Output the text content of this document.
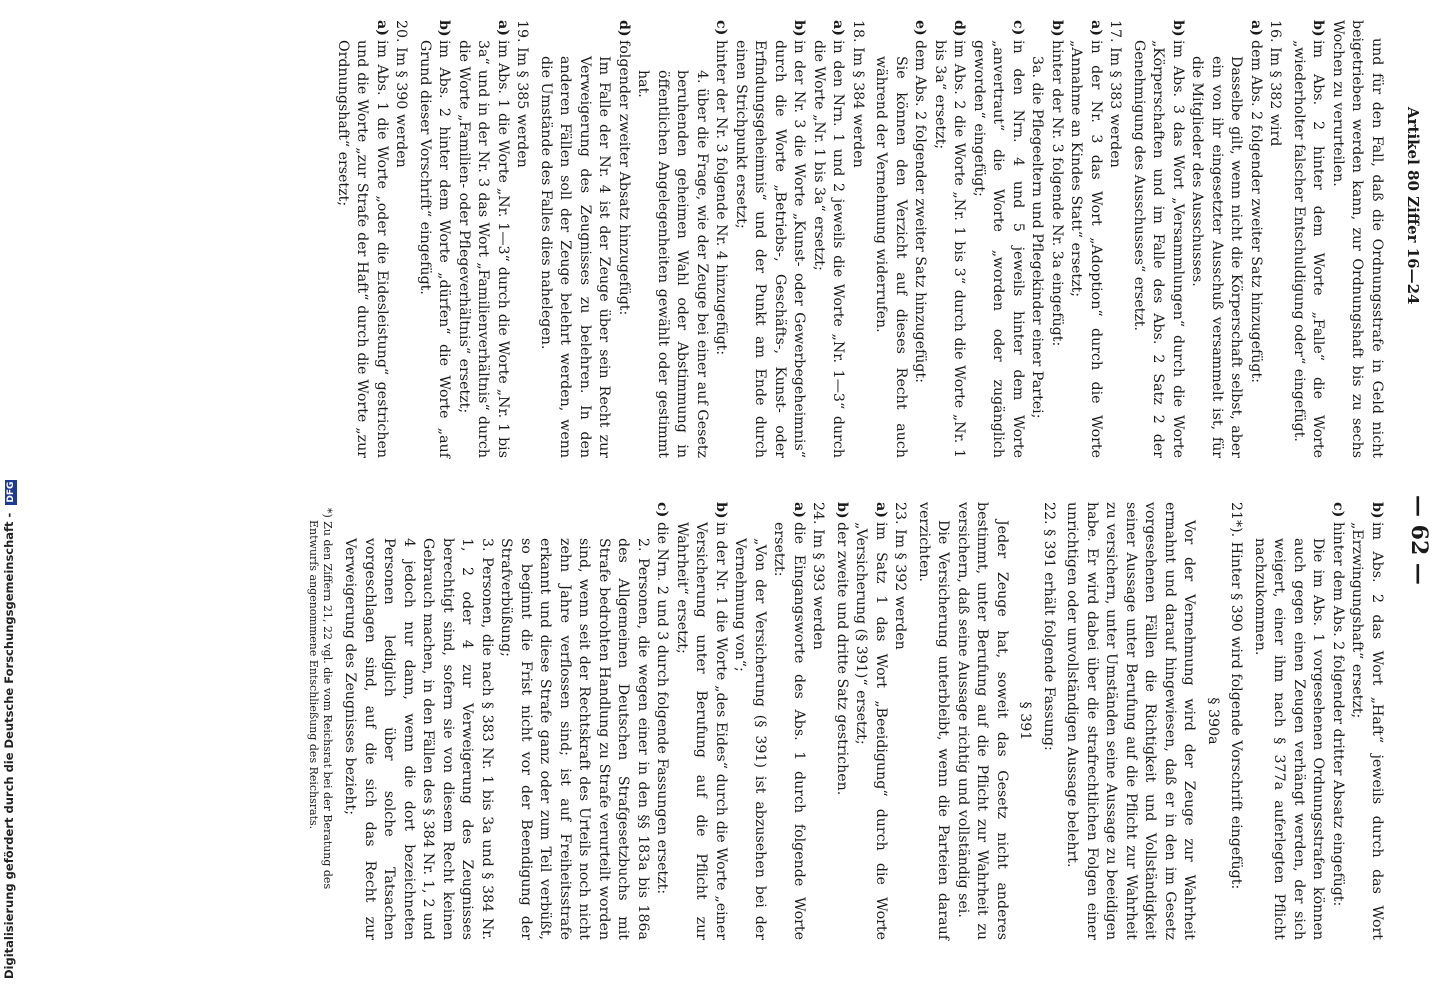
Artikel 80 Ziffer 16—24
— 62 —
und für den Fall, daß die Ordnungsstrafe in Geld nicht beigetrieben werden kann, zur Ordnungshaft bis zu sechs Wochen zu verurteilen.
b)
im Abs. 2 hinter dem Worte „Falle“ die Worte „wiederholter falscher Entschuldigung oder“ eingefügt.
16. Im § 382 wird
a)
dem Abs. 2 folgender zweiter Satz hinzugefügt:
Dasselbe gilt, wenn nicht die Körperschaft selbst, aber ein von ihr eingesetzter Ausschuß versammelt ist, für die Mitglieder des Ausschusses.
b)
im Abs. 3 das Wort „Versammlungen“ durch die Worte „Körperschaften und im Falle des Abs. 2 Satz 2 der Genehmigung des Ausschusses“ ersetzt.
17. Im § 383 werden
a)
in der Nr. 3 das Wort „Adoption“ durch die Worte „Annahme an Kindes Statt“ ersetzt;
b)
hinter der Nr. 3 folgende Nr. 3a eingefügt:
3a. die Pflegeeltern und Pflegekinder einer Partei;
c)
in den Nrn. 4 und 5 jeweils hinter dem Worte „anvertraut“ die Worte „worden oder zugänglich geworden“ eingefügt;
d)
im Abs. 2 die Worte „Nr. 1 bis 3“ durch die Worte „Nr. 1 bis 3a“ ersetzt;
e)
dem Abs. 2 folgender zweiter Satz hinzugefügt:
Sie können den Verzicht auf dieses Recht auch während der Vernehmung widerrufen.
18. Im § 384 werden
a)
in den Nrn. 1 und 2 jeweils die Worte „Nr. 1—3“ durch die Worte „Nr. 1 bis 3a“ ersetzt;
b)
in der Nr. 3 die Worte „Kunst- oder Gewerbegeheimnis“ durch die Worte „Betriebs-, Geschäfts-, Kunst- oder Erfindungsgeheimnis“ und der Punkt am Ende durch einen Strichpunkt ersetzt;
c)
hinter der Nr. 3 folgende Nr. 4 hinzugefügt:
4. über die Frage, wie der Zeuge bei einer auf Gesetz beruhenden geheimen Wahl oder Abstimmung in öffentlichen Angelegenheiten gewählt oder gestimmt hat.
d)
folgender zweiter Absatz hinzugefügt:
Im Falle der Nr. 4 ist der Zeuge über sein Recht zur Verweigerung des Zeugnisses zu belehren. In den anderen Fällen soll der Zeuge belehrt werden, wenn die Umstände des Falles dies nahelegen.
19. Im § 385 werden
a)
im Abs. 1 die Worte „Nr. 1—3“ durch die Worte „Nr. 1 bis 3a“ und in der Nr. 3 das Wort „Familienverhältnis“ durch die Worte „Familien- oder Pflegeverhältnis“ ersetzt;
b)
im Abs. 2 hinter dem Worte „dürfen“ die Worte „auf Grund dieser Vorschrift“ eingefügt.
20. Im § 390 werden
a)
im Abs. 1 die Worte „oder die Eidesleistung“ gestrichen und die Worte „zur Strafe der Haft“ durch die Worte „zur Ordnungshaft“ ersetzt;
b)
im Abs. 2 das Wort „Haft“ jeweils durch das Wort „Erzwingungshaft“ ersetzt;
c)
hinter dem Abs. 2 folgender dritter Absatz eingefügt:
Die im Abs. 1 vorgesehenen Ordnungsstrafen können auch gegen einen Zeugen verhängt werden, der sich weigert, einer ihm nach § 377a auferlegten Pflicht nachzukommen.
21*). Hinter § 390 wird folgende Vorschrift eingefügt:
§ 390a
Vor der Vernehmung wird der Zeuge zur Wahrheit ermahnt und darauf hingewiesen, daß er in den im Gesetz vorgesehenen Fällen die Richtigkeit und Vollständigkeit seiner Aussage unter Berufung auf die Pflicht zur Wahrheit zu versichern, unter Umständen seine Aussage zu beeidigen habe. Er wird dabei über die strafrechtlichen Folgen einer unrichtigen oder unvollständigen Aussage belehrt.
22. § 391 erhält folgende Fassung:
§ 391
Jeder Zeuge hat, soweit das Gesetz nicht anderes bestimmt, unter Berufung auf die Pflicht zur Wahrheit zu versichern, daß seine Aussage richtig und vollständig sei.
Die Versicherung unterbleibt, wenn die Parteien darauf verzichten.
23. Im § 392 werden
a)
im Satz 1 das Wort „Beeidigung“ durch die Worte „Versicherung (§ 391)“ ersetzt;
b)
der zweite und dritte Satz gestrichen.
24. Im § 393 werden
a)
die Eingangsworte des Abs. 1 durch folgende Worte ersetzt:
„Von der Versicherung (§ 391) ist abzusehen bei der Vernehmung von“;
b)
in der Nr. 1 die Worte „des Eides“ durch die Worte „einer Versicherung unter Berufung auf die Pflicht zur Wahrheit“ ersetzt;
c)
die Nrn. 2 und 3 durch folgende Fassungen ersetzt:
2. Personen, die wegen einer in den §§ 183a bis 186a des Allgemeinen Deutschen Strafgesetzbuchs mit Strafe bedrohten Handlung zu Strafe verurteilt worden sind, wenn seit der Rechtskraft des Urteils noch nicht zehn Jahre verflossen sind; ist auf Freiheitsstrafe erkannt und diese Strafe ganz oder zum Teil verbüßt, so beginnt die Frist nicht vor der Beendigung der Strafverbüßung;
3. Personen, die nach § 383 Nr. 1 bis 3a und § 384 Nr. 1, 2 oder 4 zur Verweigerung des Zeugnisses berechtigt sind, sofern sie von diesem Recht keinen Gebrauch machen, in den Fällen des § 384 Nr. 1, 2 und 4 jedoch nur dann, wenn die dort bezeichneten Personen lediglich über solche Tatsachen vorgeschlagen sind, auf die sich das Recht zur Verweigerung des Zeugnisses bezieht;
*) Zu den Ziffern 21, 22 vgl. die vom Reichsrat bei der Beratung des Entwurfs angenommene Entschließung des Reichsrats.
Digitalisierung gefördert durch die Deutsche Forschungsgemeinschaft - DFG
